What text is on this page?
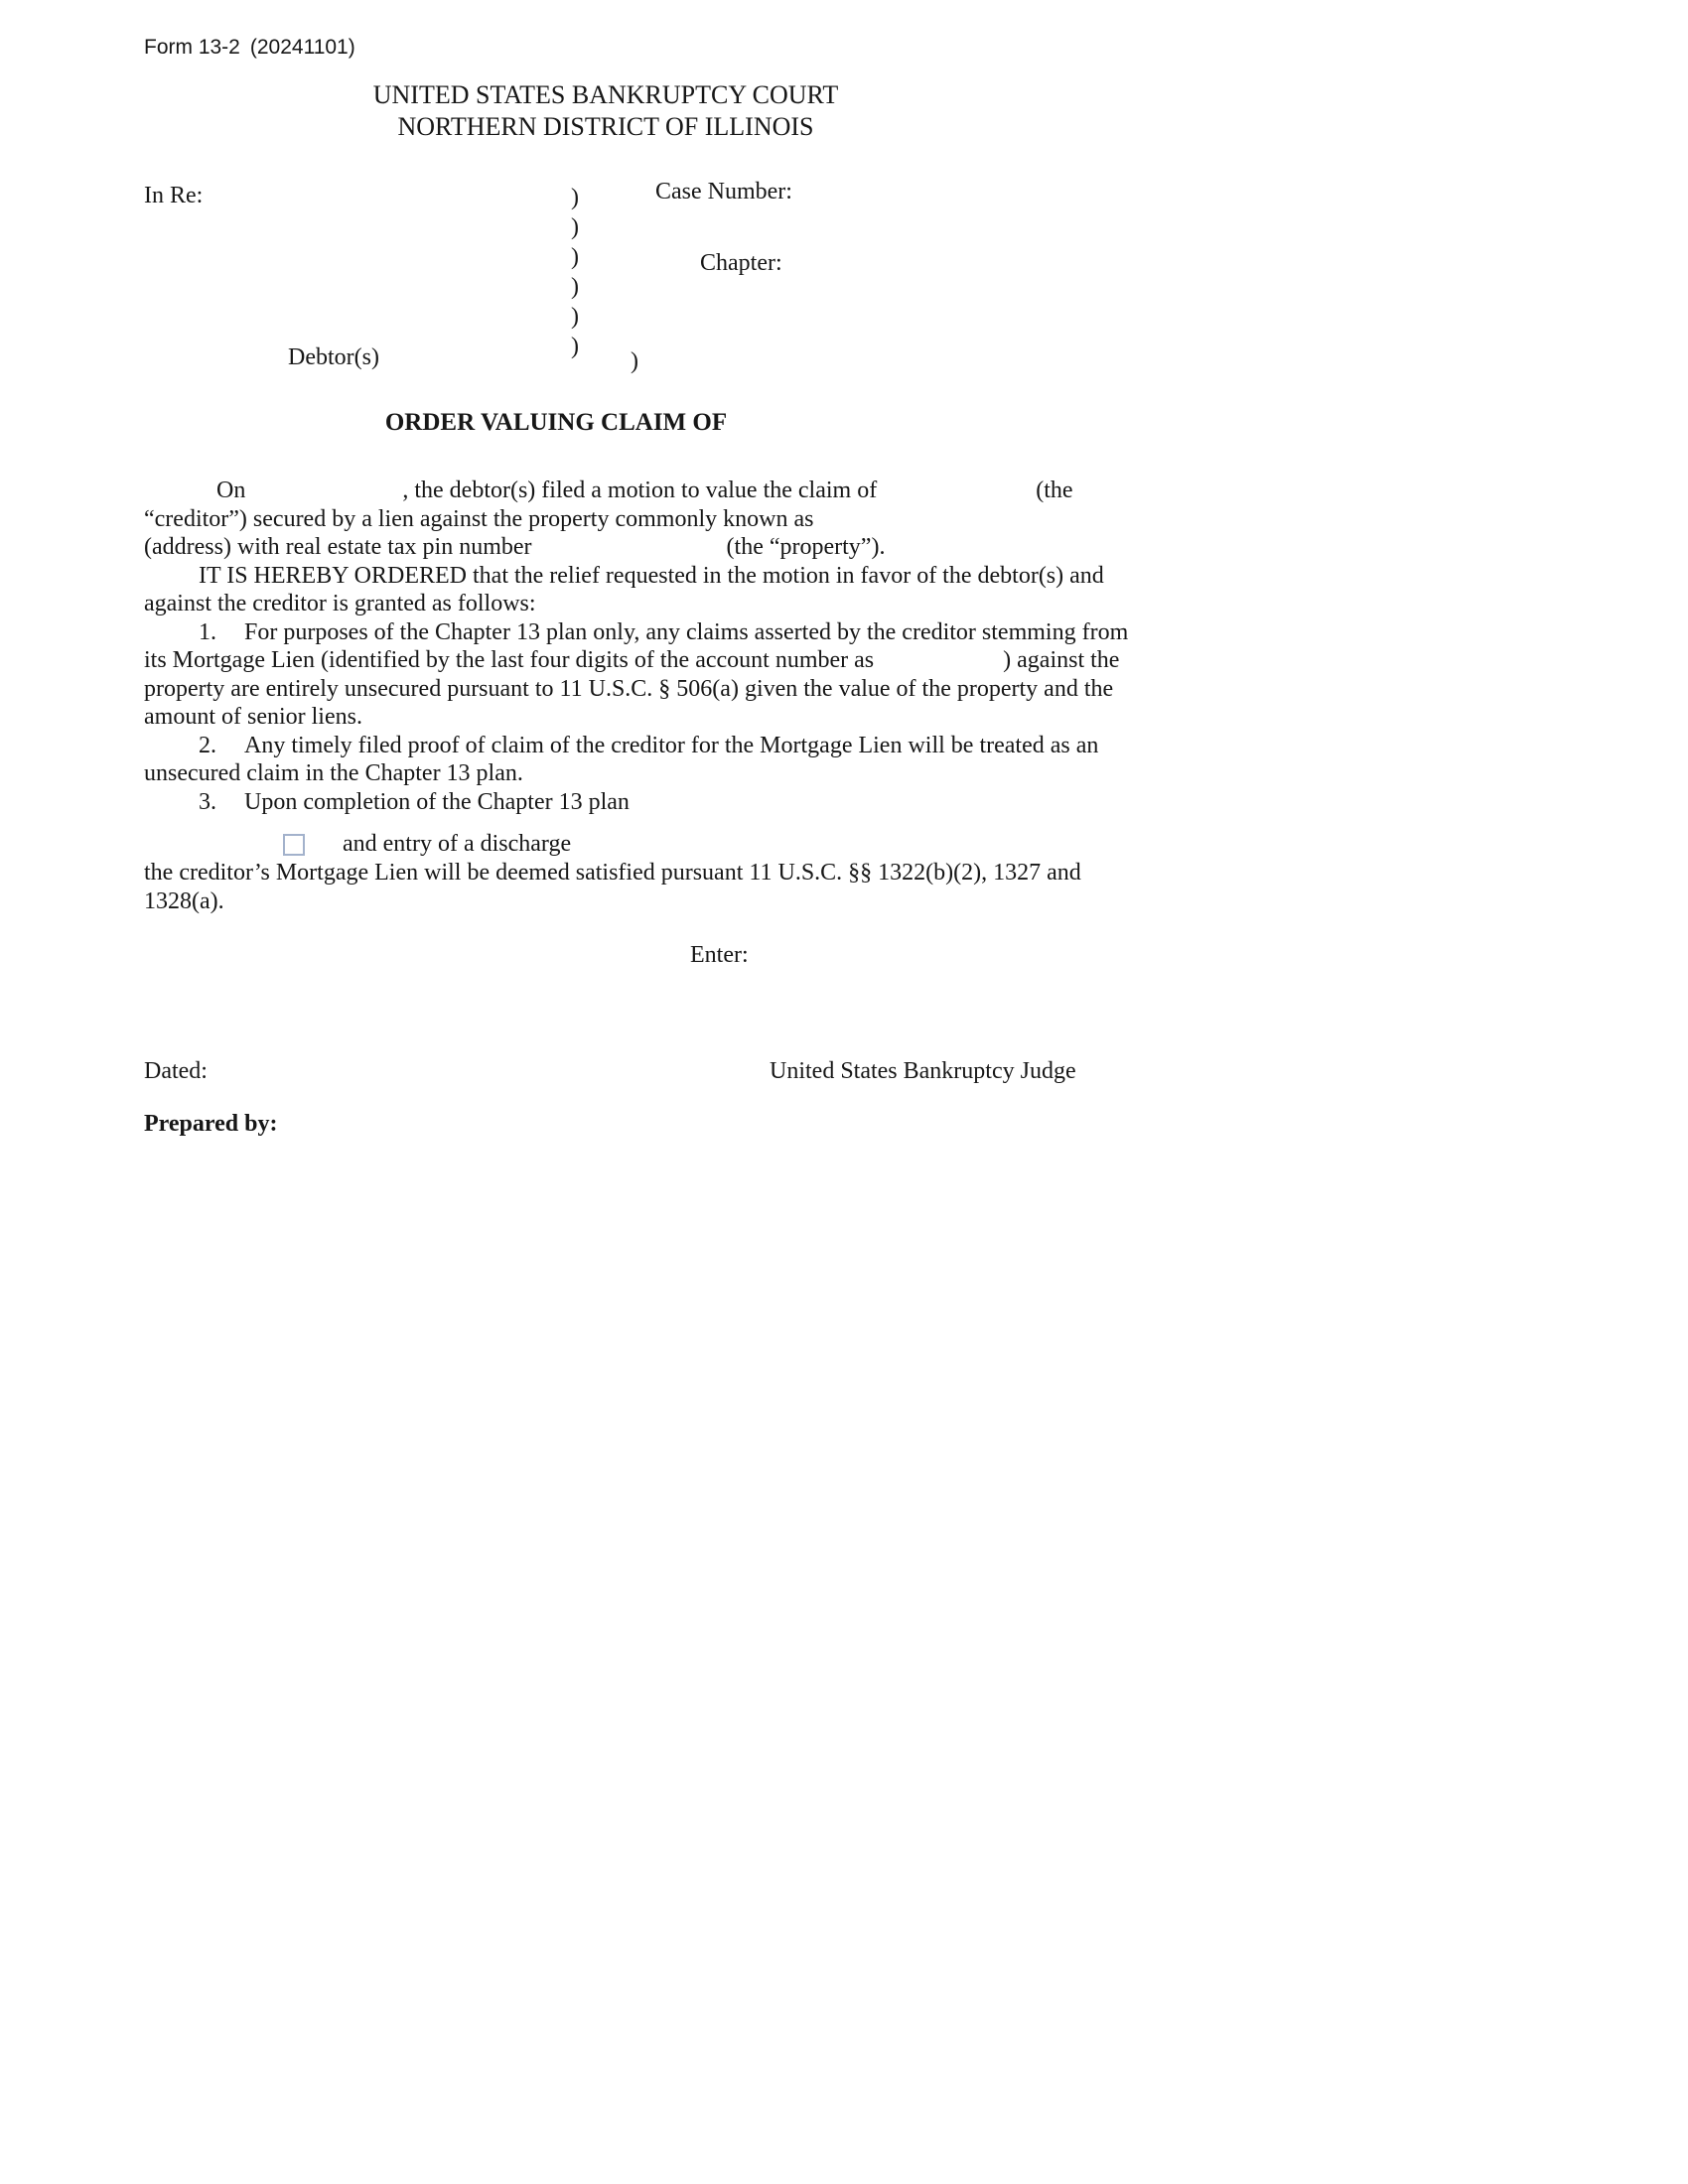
Form 13-2 (20241101)
UNITED STATES BANKRUPTCY COURT
NORTHERN DISTRICT OF ILLINOIS
In Re:	)
)
)
)
)
)
Case Number:
Chapter:
Debtor(s)	)
ORDER VALUING CLAIM OF
On	, the debtor(s) filed a motion to value the claim of	(the
“creditor”) secured by a lien against the property commonly known as
(address) with real estate tax pin number	(the “property”).
IT IS HEREBY ORDERED that the relief requested in the motion in favor of the debtor(s) and
against the creditor is granted as follows:
1. For purposes of the Chapter 13 plan only, any claims asserted by the creditor stemming from
its Mortgage Lien (identified by the last four digits of the account number as	) against the
property are entirely unsecured pursuant to 11 U.S.C. § 506(a) given the value of the property and the
amount of senior liens.
2. Any timely filed proof of claim of the creditor for the Mortgage Lien will be treated as an
unsecured claim in the Chapter 13 plan.
3. Upon completion of the Chapter 13 plan
and entry of a discharge
the creditor’s Mortgage Lien will be deemed satisfied pursuant 11 U.S.C. §§ 1322(b)(2), 1327 and
1328(a).
Enter:
Dated:	United States Bankruptcy Judge
Prepared by:
